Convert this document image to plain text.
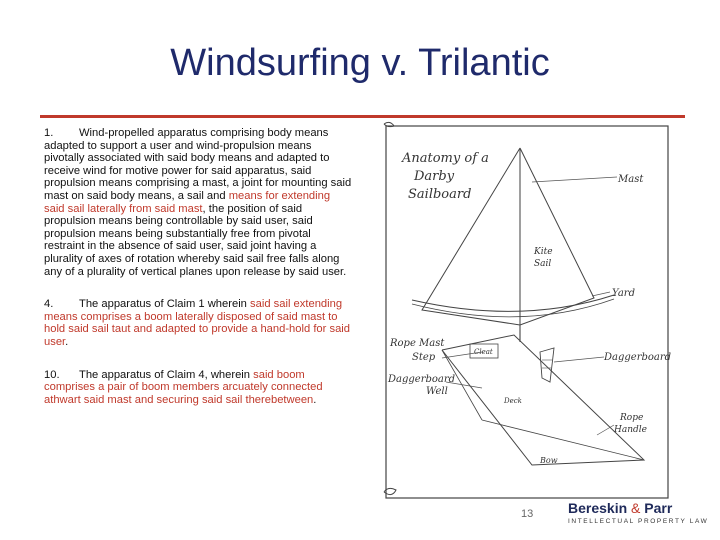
Windsurfing v. Trilantic
1. Wind-propelled apparatus comprising body means adapted to support a user and wind-propulsion means pivotally associated with said body means and adapted to receive wind for motive power for said apparatus, said propulsion means comprising a mast, a joint for mounting said mast on said body means, a sail and means for extending said sail laterally from said mast, the position of said propulsion means being controllable by said user, said propulsion means being substantially free from pivotal restraint in the absence of said user, said joint having a plurality of axes of rotation whereby said sail free falls along any of a plurality of vertical planes upon release by said user.
4. The apparatus of Claim 1 wherein said sail extending means comprises a boom laterally disposed of said mast to hold said sail taut and adapted to provide a hand-hold for said user.
10. The apparatus of Claim 4, wherein said boom comprises a pair of boom members arcuately connected athwart said mast and securing said sail therebetween.
Anatomy of a
Darby
Sailboard
Mast
Kite
Sail
Yard
Rope Mast
Step	Cleat	Daggerboard
Daggerboard
Well
Deck
Rope
Handle
Bow
13 Bereskin & Parr
INTELLECTUAL PROPERTY LAW
